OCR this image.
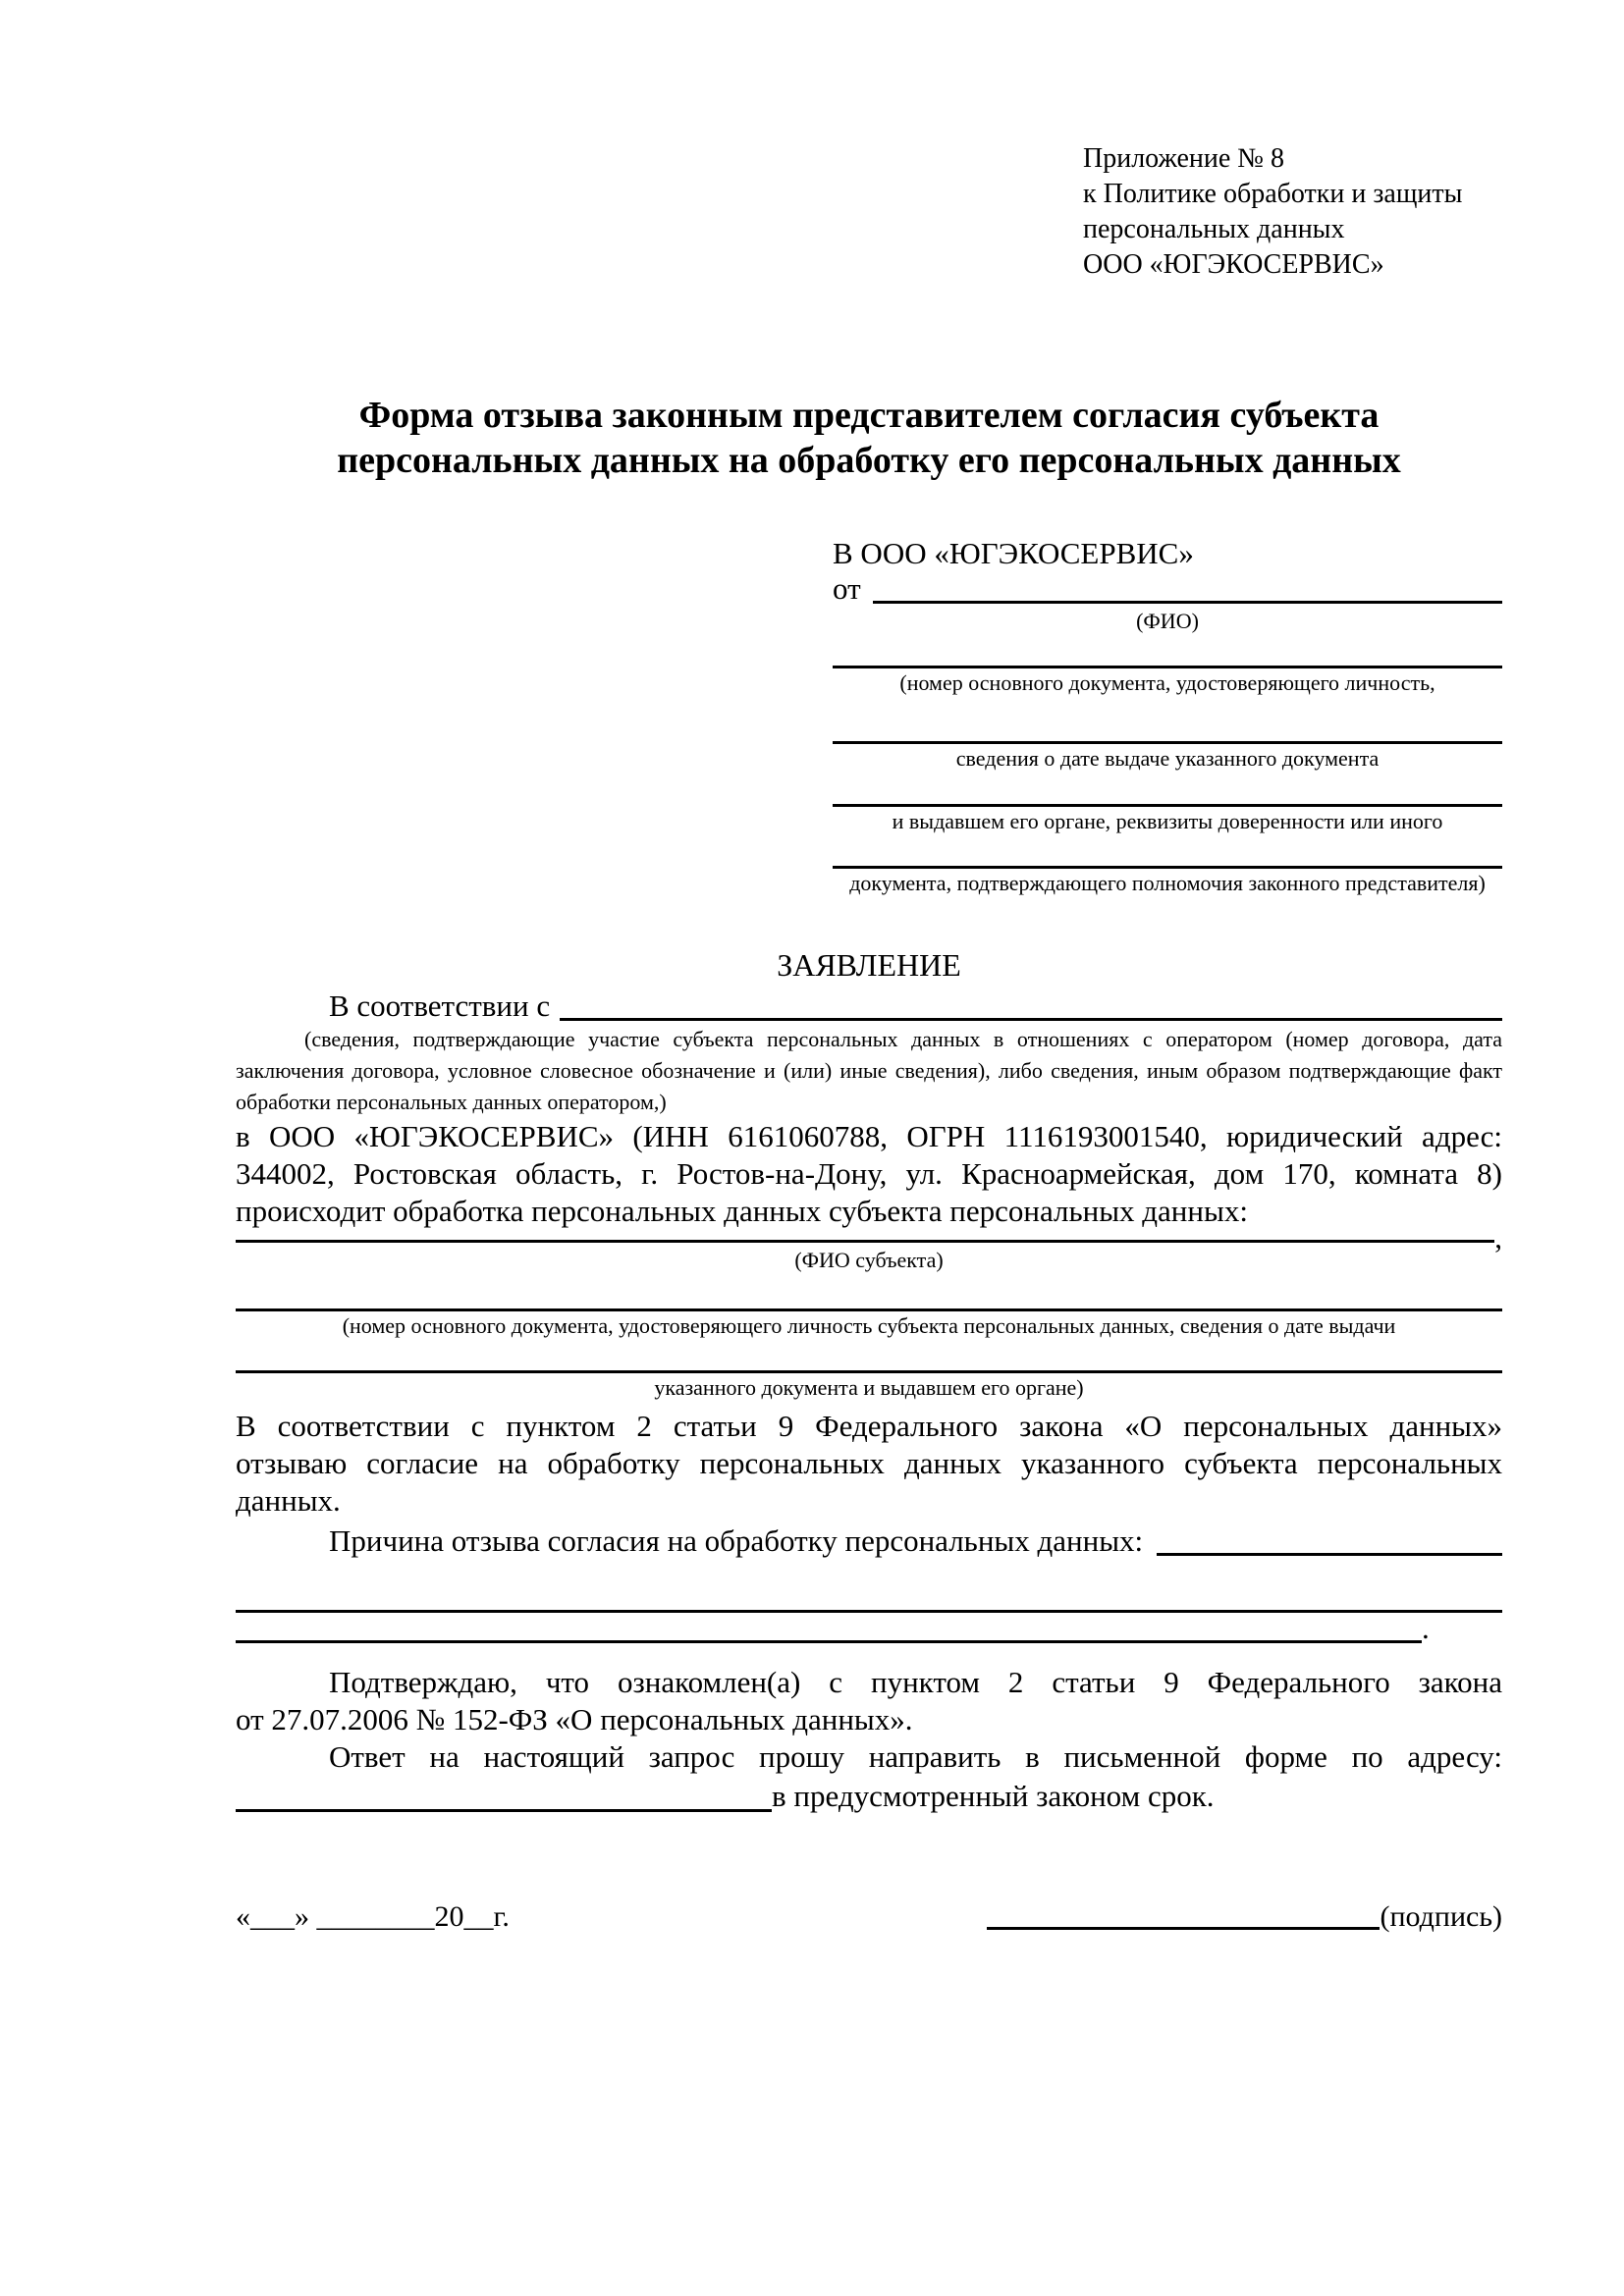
Приложение № 8
к Политике обработки и защиты
персональных данных
ООО «ЮГЭКОСЕРВИС»
Форма отзыва законным представителем согласия субъекта
персональных данных на обработку его персональных данных
В ООО «ЮГЭКОСЕРВИС»
от
(ФИО)
(номер основного документа, удостоверяющего личность,
сведения о дате выдаче указанного документа
и выдавшем его органе, реквизиты доверенности или иного
документа, подтверждающего полномочия законного представителя)
ЗАЯВЛЕНИЕ
В соответствии с
(сведения, подтверждающие участие субъекта персональных данных в отношениях с оператором (номер договора, дата
заключения договора, условное словесное обозначение и (или) иные сведения), либо сведения, иным образом подтверждающие факт
обработки персональных данных оператором,)
в ООО «ЮГЭКОСЕРВИС» (ИНН 6161060788, ОГРН 1116193001540, юридический адрес:
344002, Ростовская область, г. Ростов-на-Дону, ул. Красноармейская, дом 170, комната 8)
происходит обработка персональных данных субъекта персональных данных:
,
(ФИО субъекта)
(номер основного документа, удостоверяющего личность субъекта персональных данных, сведения о дате выдачи
указанного документа и выдавшем его органе)
В соответствии с пунктом 2 статьи 9 Федерального закона «О персональных данных»
отзываю согласие на обработку персональных данных указанного субъекта персональных
данных.
Причина отзыва согласия на обработку персональных данных:
.
Подтверждаю, что ознакомлен(а) с пунктом 2 статьи 9 Федерального закона
от 27.07.2006 № 152-ФЗ «О персональных данных».
Ответ на настоящий запрос прошу направить в письменной форме по адресу:
в предусмотренный законом срок.
«___» ________20__г.	(подпись)
